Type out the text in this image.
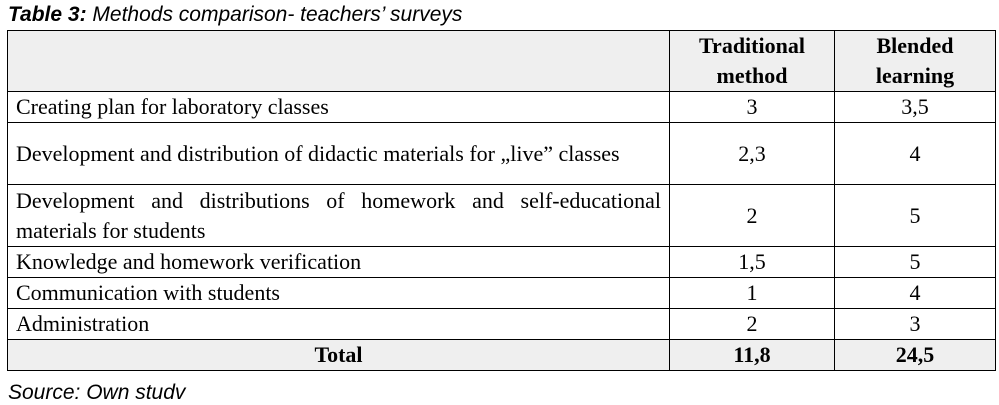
Table 3: Methods comparison- teachers’ surveys
	Traditional method	Blended learning
Creating plan for laboratory classes	3	3,5
Development and distribution of didactic materials for „live” classes	2,3	4
Development and distributions of homework and self-educational materials for students	2	5
Knowledge and homework verification	1,5	5
Communication with students	1	4
Administration	2	3
Total	11,8	24,5
Source: Own studv
